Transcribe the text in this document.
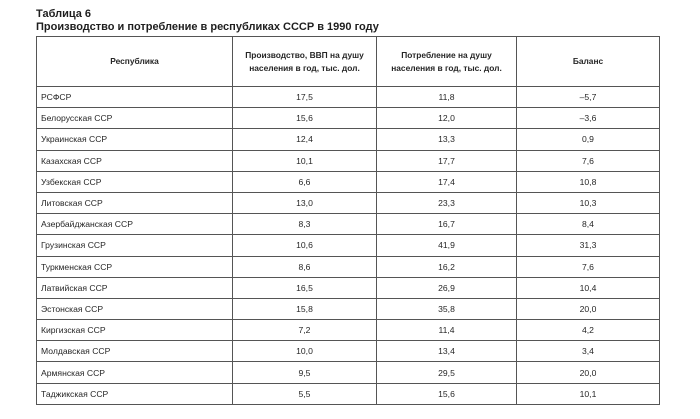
Таблица 6
Производство и потребление в республиках СССР в 1990 году
Республика	Производство, ВВП на душу населения в год, тыс. дол.	Потребление на душу населения в год, тыс. дол.	Баланс
РСФСР	17,5	11,8	–5,7
Белорусская ССР	15,6	12,0	–3,6
Украинская ССР	12,4	13,3	0,9
Казахская ССР	10,1	17,7	7,6
Узбекская ССР	6,6	17,4	10,8
Литовская ССР	13,0	23,3	10,3
Азербайджанская ССР	8,3	16,7	8,4
Грузинская ССР	10,6	41,9	31,3
Туркменская ССР	8,6	16,2	7,6
Латвийская ССР	16,5	26,9	10,4
Эстонская ССР	15,8	35,8	20,0
Киргизская ССР	7,2	11,4	4,2
Молдавская ССР	10,0	13,4	3,4
Армянская ССР	9,5	29,5	20,0
Таджикская ССР	5,5	15,6	10,1
